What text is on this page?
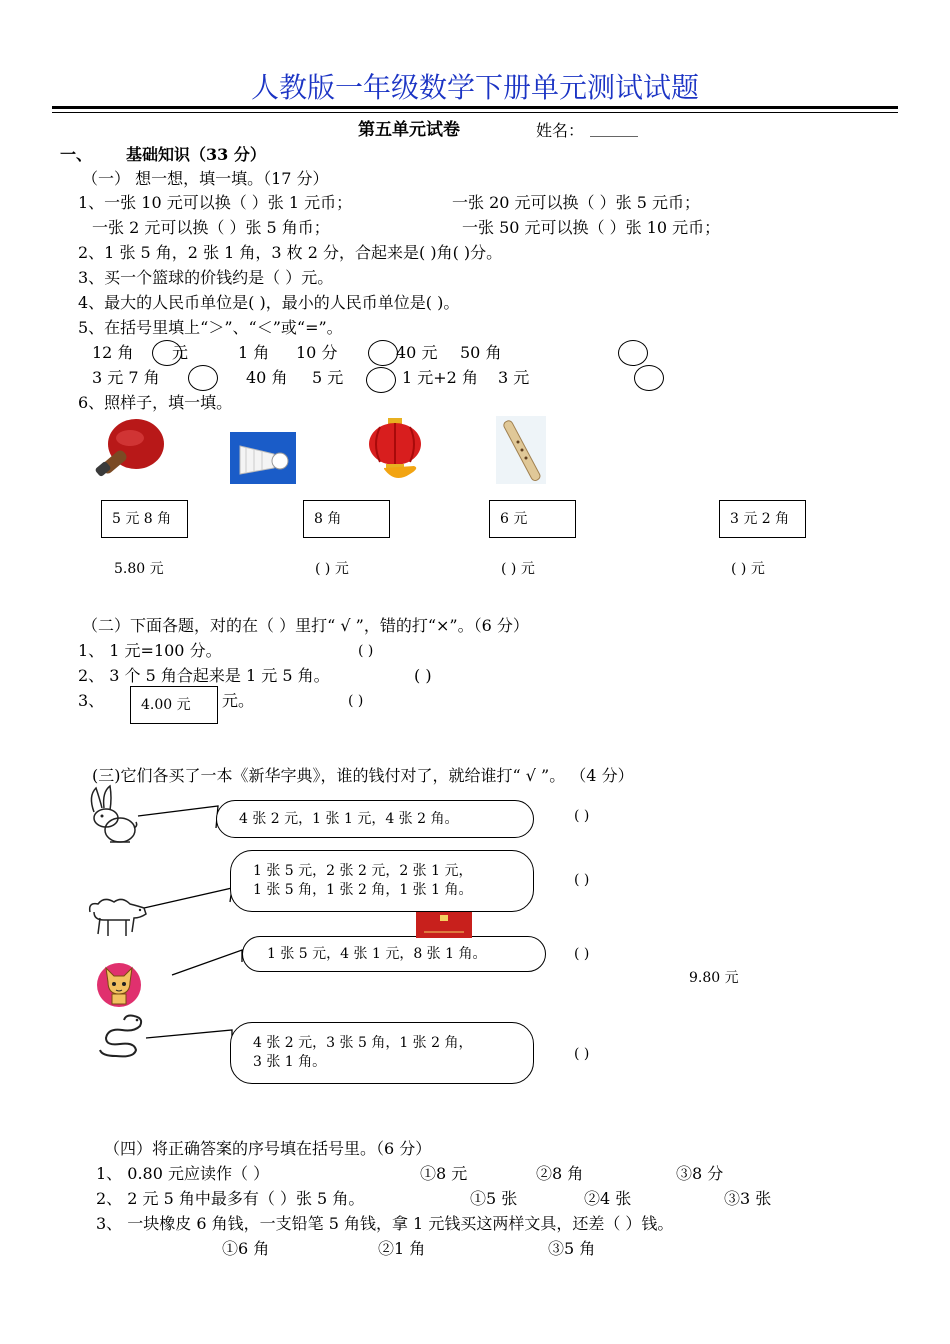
人教版一年级数学下册单元测试试题
第五单元试卷	姓名： ______
一、 基础知识（33 分）
（一） 想一想，填一填。（17 分）
1、一张 10 元可以换（ ）张 1 元币；	一张 20 元可以换（ ）张 5 元币；
一张 2 元可以换（ ）张 5 角币；	一张 50 元可以换（ ）张 10 元币；
2、1 张 5 角，2 张 1 角，3 枚 2 分，合起来是( )角( )分。
3、买一个篮球的价钱约是（ ）元。
4、最大的人民币单位是( )，最小的人民币单位是( )。
5、在括号里填上“＞”、“＜”或“=”。
12 角 元	1 角 10 分	40 元 50 角
3 元 7 角	40 角 5 元	1 元+2 角 3 元
6、照样子，填一填。
5 元 8 角	8 角	6 元	3 元 2 角
5.80 元	( ) 元	( ) 元	( ) 元
（二）下面各题，对的在（ ）里打“ √ ”，错的打“×”。（6 分）
1、 1 元=100 分。	( )
2、 3 个 5 角合起来是 1 元 5 角。	( )
3、	4.00 元	元。	( )
(三)它们各买了一本《新华字典》，谁的钱付对了，就给谁打“ √ ”。 （4 分）
4 张 2 元，1 张 1 元，4 张 2 角。
1 张 5 元，2 张 2 元，2 张 1 元，
1 张 5 角，1 张 2 角，1 张 1 角。
1 张 5 元，4 张 1 元，8 张 1 角。
4 张 2 元，3 张 5 角，1 张 2 角，
3 张 1 角。
( )
( )
( )
( )
9.80 元
（四）将正确答案的序号填在括号里。（6 分）
1、 0.80 元应读作（ ）	①8 元	②8 角	③8 分
2、 2 元 5 角中最多有（ ）张 5 角。	①5 张	②4 张	③3 张
3、 一块橡皮 6 角钱，一支铅笔 5 角钱，拿 1 元钱买这两样文具，还差（ ）钱。
①6 角	②1 角	③5 角
